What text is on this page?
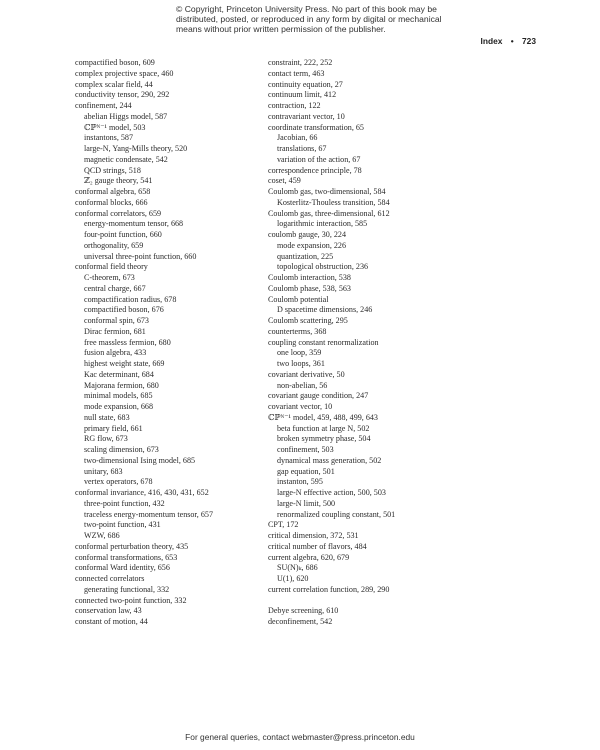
© Copyright, Princeton University Press. No part of this book may be
distributed, posted, or reproduced in any form by digital or mechanical
means without prior written permission of the publisher.
Index • 723
compactified boson, 609
complex projective space, 460
complex scalar field, 44
conductivity tensor, 290, 292
confinement, 244
abelian Higgs model, 587
ℂℙᴺ⁻¹ model, 503
instantons, 587
large-N, Yang-Mills theory, 520
magnetic condensate, 542
QCD strings, 518
ℤ₂ gauge theory, 541
conformal algebra, 658
conformal blocks, 666
conformal correlators, 659
energy-momentum tensor, 668
four-point function, 660
orthogonality, 659
universal three-point function, 660
conformal field theory
C-theorem, 673
central charge, 667
compactification radius, 678
compactified boson, 676
conformal spin, 673
Dirac fermion, 681
free massless fermion, 680
fusion algebra, 433
highest weight state, 669
Kac determinant, 684
Majorana fermion, 680
minimal models, 685
mode expansion, 668
null state, 683
primary field, 661
RG flow, 673
scaling dimension, 673
two-dimensional Ising model, 685
unitary, 683
vertex operators, 678
conformal invariance, 416, 430, 431, 652
three-point function, 432
traceless energy-momentum tensor, 657
two-point function, 431
WZW, 686
conformal perturbation theory, 435
conformal transformations, 653
conformal Ward identity, 656
connected correlators
generating functional, 332
connected two-point function, 332
conservation law, 43
constant of motion, 44
constraint, 222, 252
contact term, 463
continuity equation, 27
continuum limit, 412
contraction, 122
contravariant vector, 10
coordinate transformation, 65
Jacobian, 66
translations, 67
variation of the action, 67
correspondence principle, 78
coset, 459
Coulomb gas, two-dimensional, 584
Kosterlitz-Thouless transition, 584
Coulomb gas, three-dimensional, 612
logarithmic interaction, 585
coulomb gauge, 30, 224
mode expansion, 226
quantization, 225
topological obstruction, 236
Coulomb interaction, 538
Coulomb phase, 538, 563
Coulomb potential
D spacetime dimensions, 246
Coulomb scattering, 295
counterterms, 368
coupling constant renormalization
one loop, 359
two loops, 361
covariant derivative, 50
non-abelian, 56
covariant gauge condition, 247
covariant vector, 10
ℂℙᴺ⁻¹ model, 459, 488, 499, 643
beta function at large N, 502
broken symmetry phase, 504
confinement, 503
dynamical mass generation, 502
gap equation, 501
instanton, 595
large-N effective action, 500, 503
large-N limit, 500
renormalized coupling constant, 501
CPT, 172
critical dimension, 372, 531
critical number of flavors, 484
current algebra, 620, 679
SU(N)ₖ, 686
U(1), 620
current correlation function, 289, 290
Debye screening, 610
deconfinement, 542
For general queries, contact webmaster@press.princeton.edu
